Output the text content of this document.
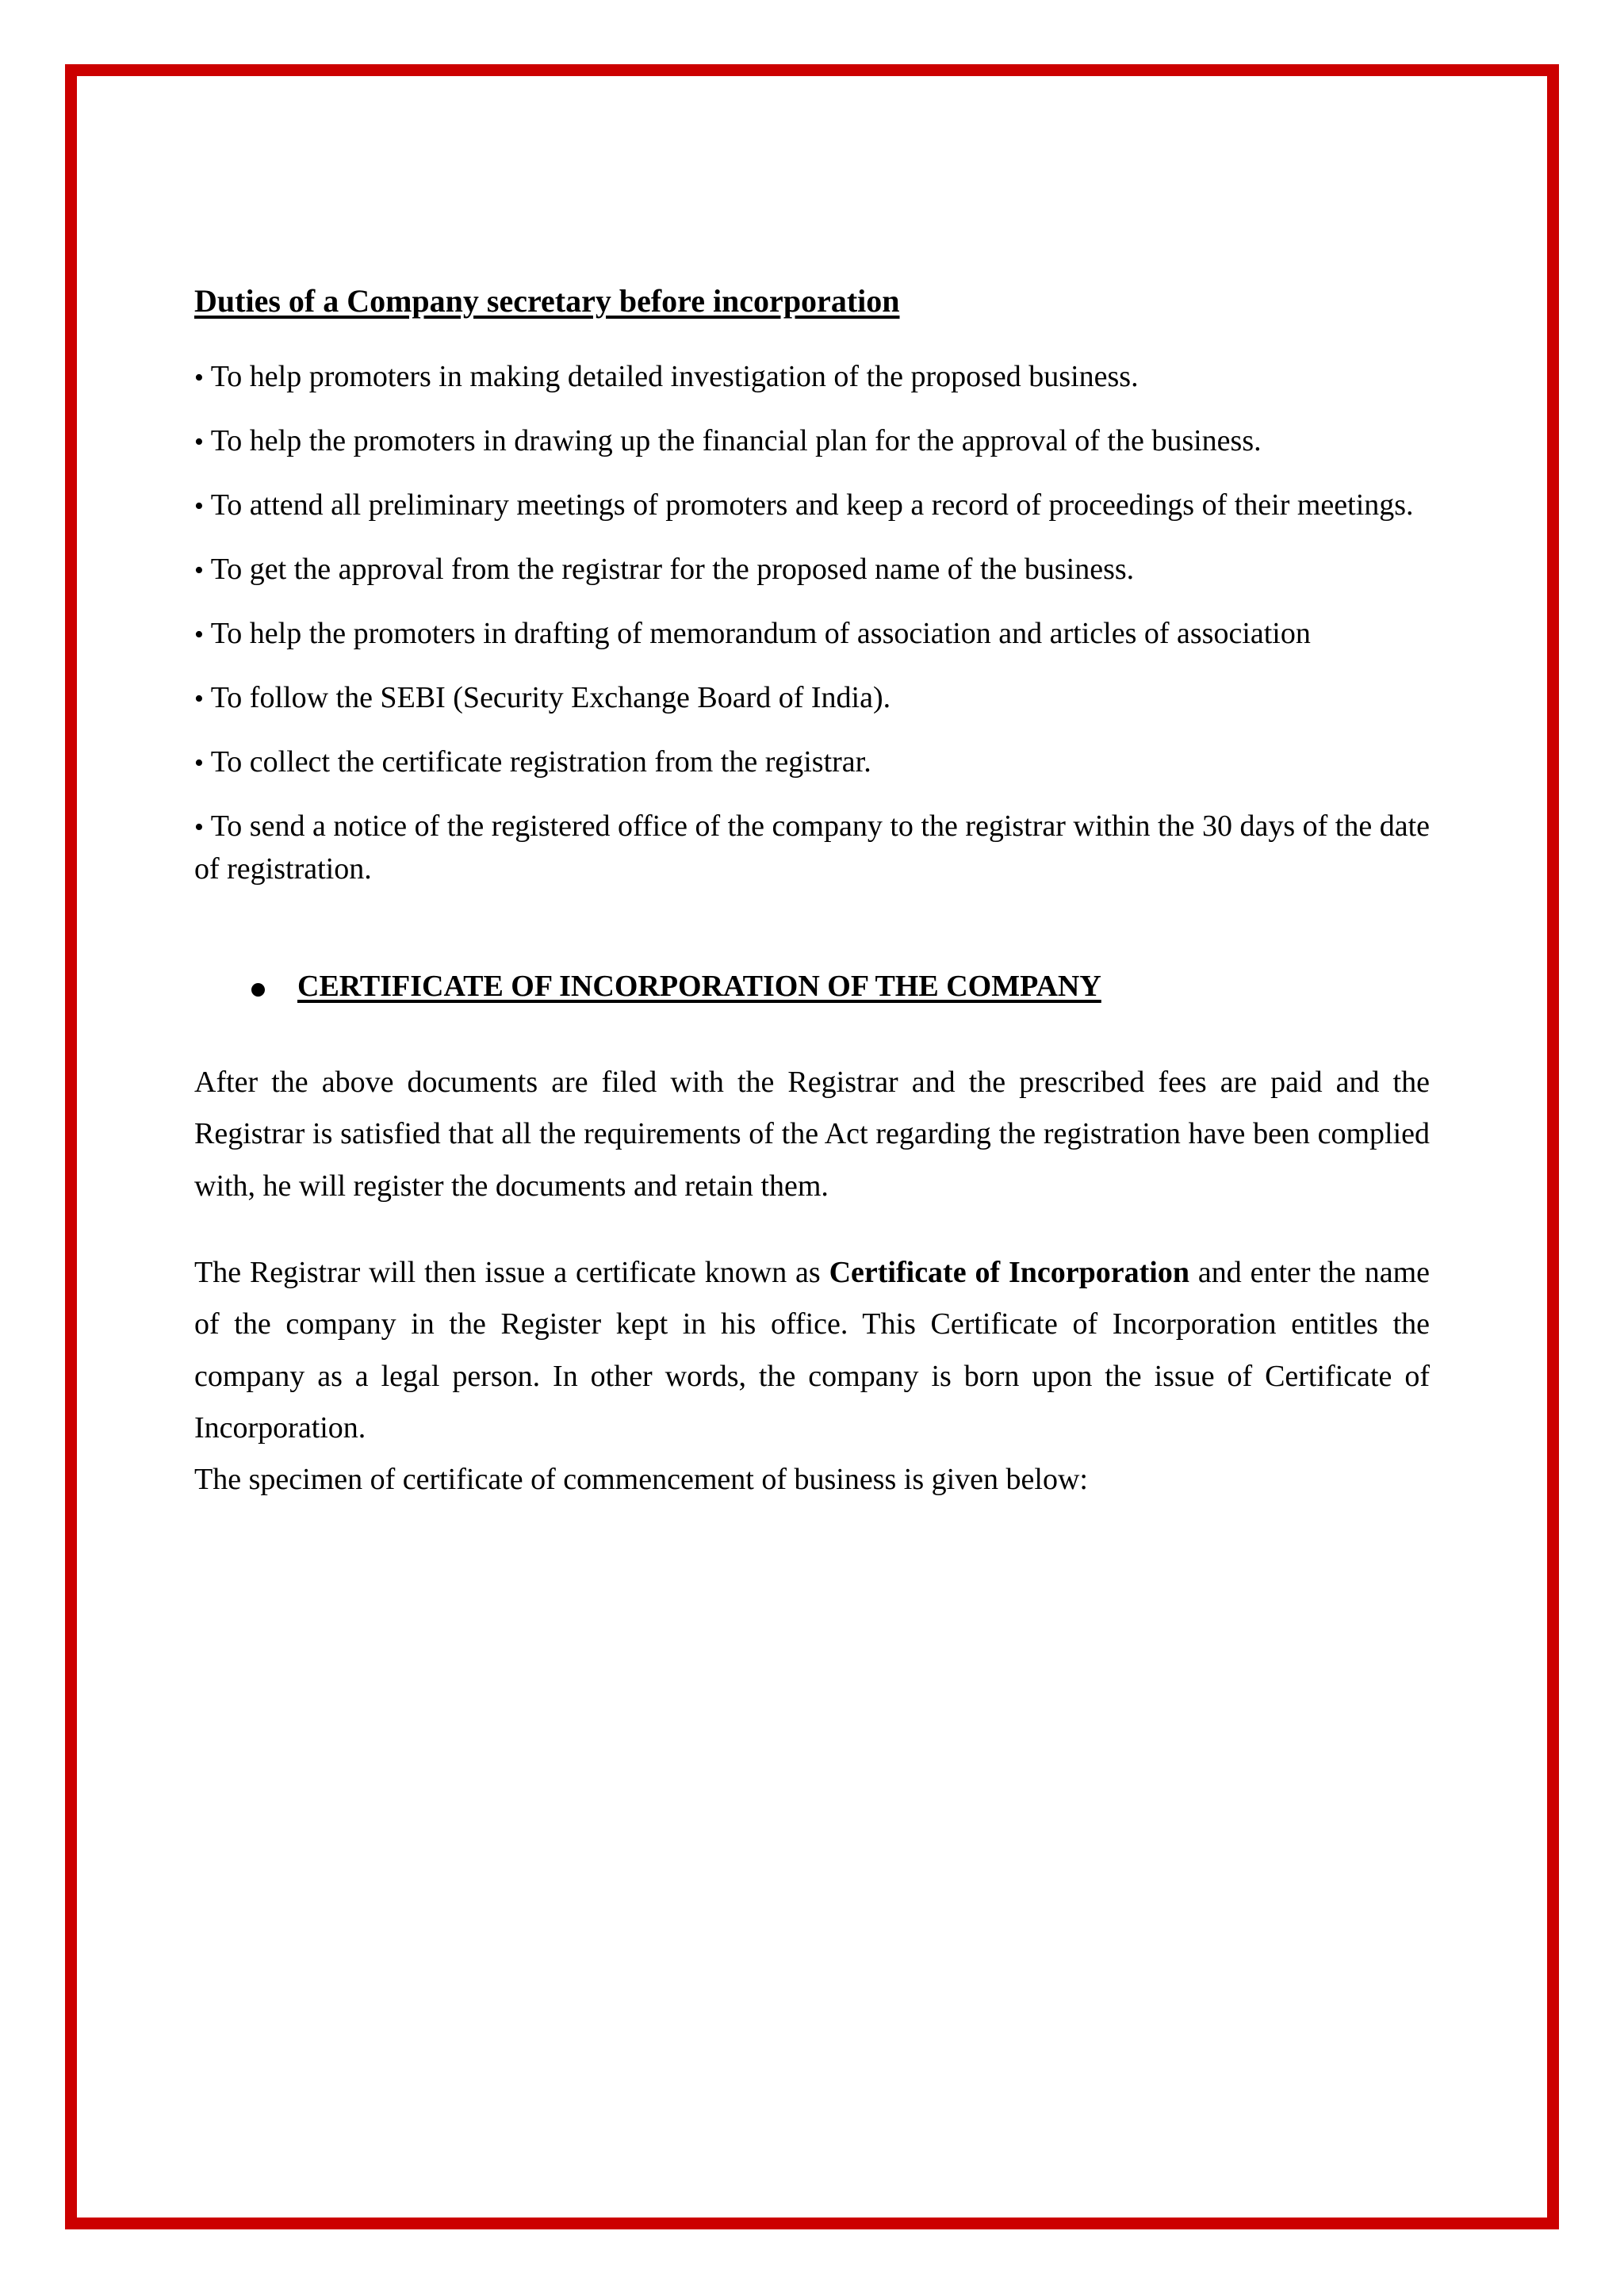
Duties of a Company secretary before incorporation
• To help promoters in making detailed investigation of the proposed business.
• To help the promoters in drawing up the financial plan for the approval of the business.
• To attend all preliminary meetings of promoters and keep a record of proceedings of their meetings.
• To get the approval from the registrar for the proposed name of the business.
• To help the promoters in drafting of memorandum of association and articles of association
• To follow the SEBI (Security Exchange Board of India).
• To collect the certificate registration from the registrar.
• To send a notice of the registered office of the company to the registrar within the 30 days of the date of registration.
CERTIFICATE OF INCORPORATION OF THE COMPANY

After the above documents are filed with the Registrar and the prescribed fees are paid and the Registrar is satisfied that all the requirements of the Act regarding the registration have been complied with, he will register the documents and retain them.

The Registrar will then issue a certificate known as Certificate of Incorporation and enter the name of the company in the Register kept in his office. This Certificate of Incorporation entitles the company as a legal person. In other words, the company is born upon the issue of Certificate of Incorporation.

The specimen of certificate of commencement of business is given below:
